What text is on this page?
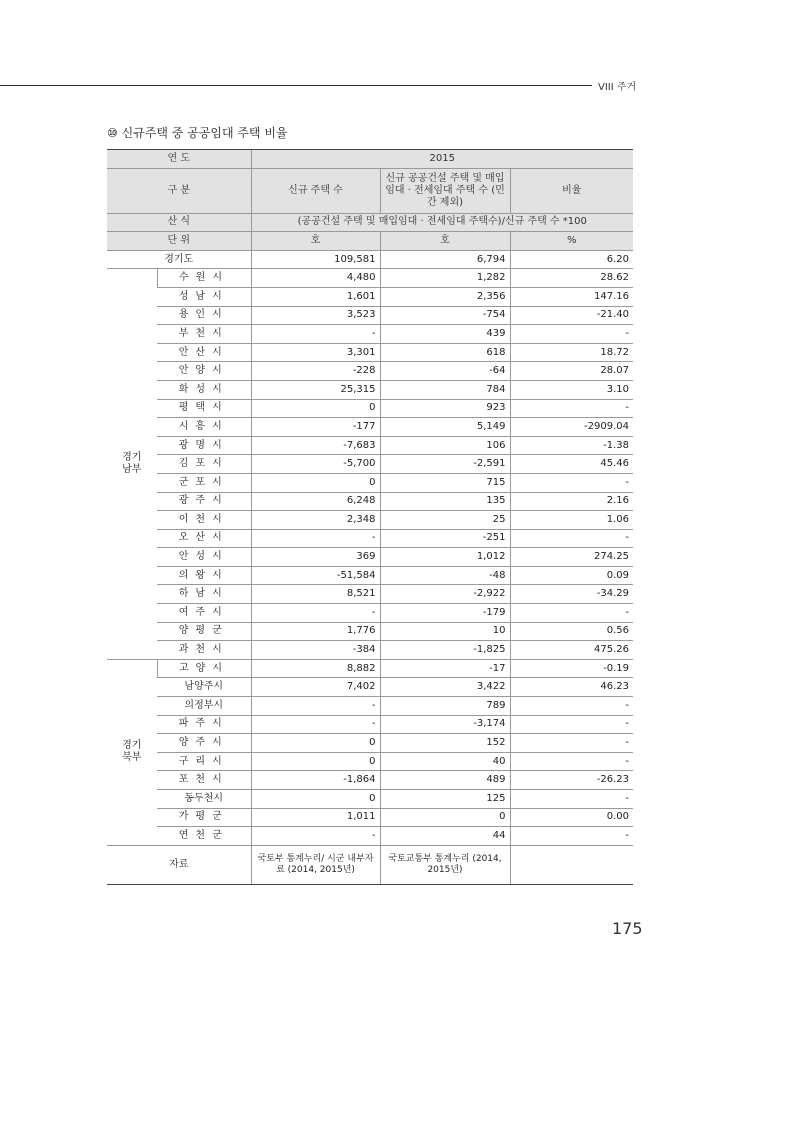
VIII 주거
⑩ 신규주택 중 공공임대 주택 비율
연 도		2015		
구 분		신규 주택 수	신규 공공건설 주택 및 매입임대 · 전세임대 주택 수 (민간 제외)	비율
산 식		(공공건설 주택 및 매입임대 · 전세임대 주택수)/신규 주택 수 *100		
단 위		호	호	%
경기도		109,581	6,794	6.20
경기 남부	수원시	4,480	1,282	28.62
	성남시	1,601	2,356	147.16
	용인시	3,523	-754	-21.40
	부천시	-	439	-
	안산시	3,301	618	18.72
	안양시	-228	-64	28.07
	화성시	25,315	784	3.10
	평택시	0	923	-
	시흥시	-177	5,149	-2909.04
	광명시	-7,683	106	-1.38
	김포시	-5,700	-2,591	45.46
	군포시	0	715	-
	광주시	6,248	135	2.16
	이천시	2,348	25	1.06
	오산시	-	-251	-
	안성시	369	1,012	274.25
	의왕시	-51,584	-48	0.09
	하남시	8,521	-2,922	-34.29
	여주시	-	-179	-
	양평군	1,776	10	0.56
	과천시	-384	-1,825	475.26
경기 북부	고양시	8,882	-17	-0.19
	남양주시	7,402	3,422	46.23
	의정부시	-	789	-
	파주시	-	-3,174	-
	양주시	0	152	-
	구리시	0	40	-
	포천시	-1,864	489	-26.23
	동두천시	0	125	-
	가평군	1,011	0	0.00
	연천군	-	44	-
자료		국토부 통계누리/ 시군 내부자료 (2014, 2015년)	국토교통부 통계누리 (2014, 2015년)	
175
